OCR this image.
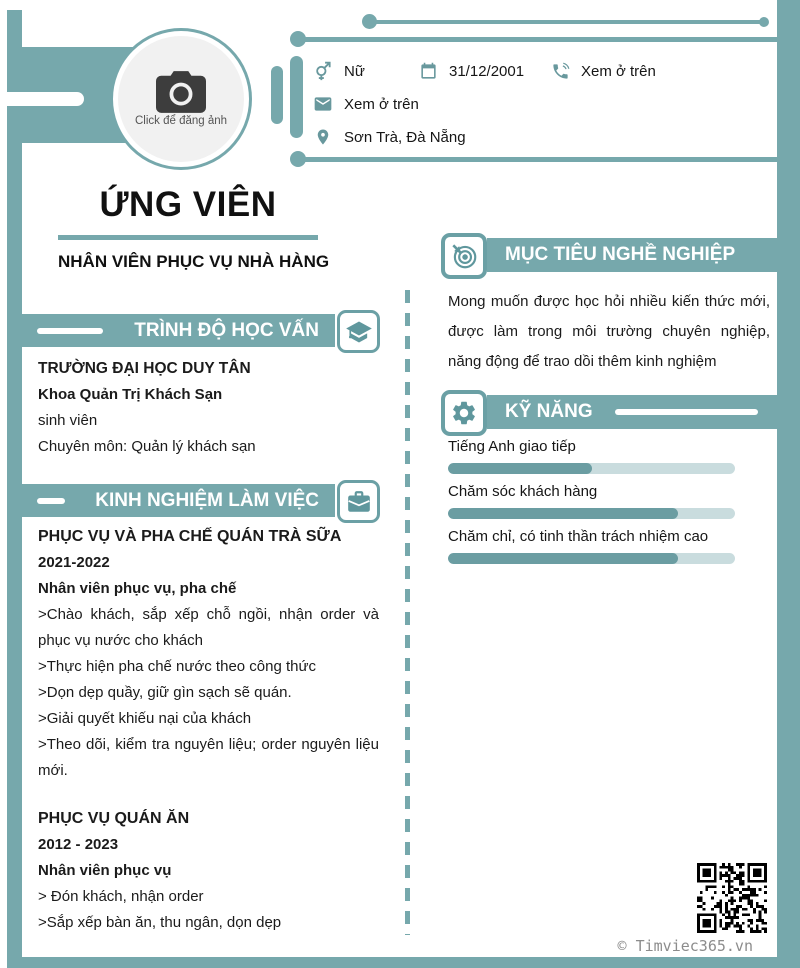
Click để đăng ảnh
Nữ	31/12/2001	Xem ở trên
Xem ở trên
Sơn Trà, Đà Nẵng
ỨNG VIÊN
NHÂN VIÊN PHỤC VỤ NHÀ HÀNG
TRÌNH ĐỘ HỌC VẤN
TRƯỜNG ĐẠI HỌC DUY TÂN
Khoa Quản Trị Khách Sạn
sinh viên
Chuyên môn: Quản lý khách sạn
KINH NGHIỆM LÀM VIỆC
PHỤC VỤ VÀ PHA CHẾ QUÁN TRÀ SỮA
2021-2022
Nhân viên phục vụ, pha chế
>Chào khách, sắp xếp chỗ ngồi, nhận order và phục vụ nước cho khách
>Thực hiện pha chế nước theo công thức
>Dọn dẹp quầy, giữ gìn sạch sẽ quán.
>Giải quyết khiếu nại của khách
>Theo dõi, kiểm tra nguyên liệu; order nguyên liệu mới.
PHỤC VỤ QUÁN ĂN
2012 - 2023
Nhân viên phục vụ
> Đón khách, nhận order
>Sắp xếp bàn ăn, thu ngân, dọn dẹp
MỤC TIÊU NGHỀ NGHIỆP
Mong muốn được học hỏi nhiều kiến thức mới, được làm trong môi trường chuyên nghiệp, năng động để trao dồi thêm kinh nghiệm
KỸ NĂNG
Tiếng Anh giao tiếp
Chăm sóc khách hàng
Chăm chỉ, có tinh thần trách nhiệm cao
© Timviec365.vn
